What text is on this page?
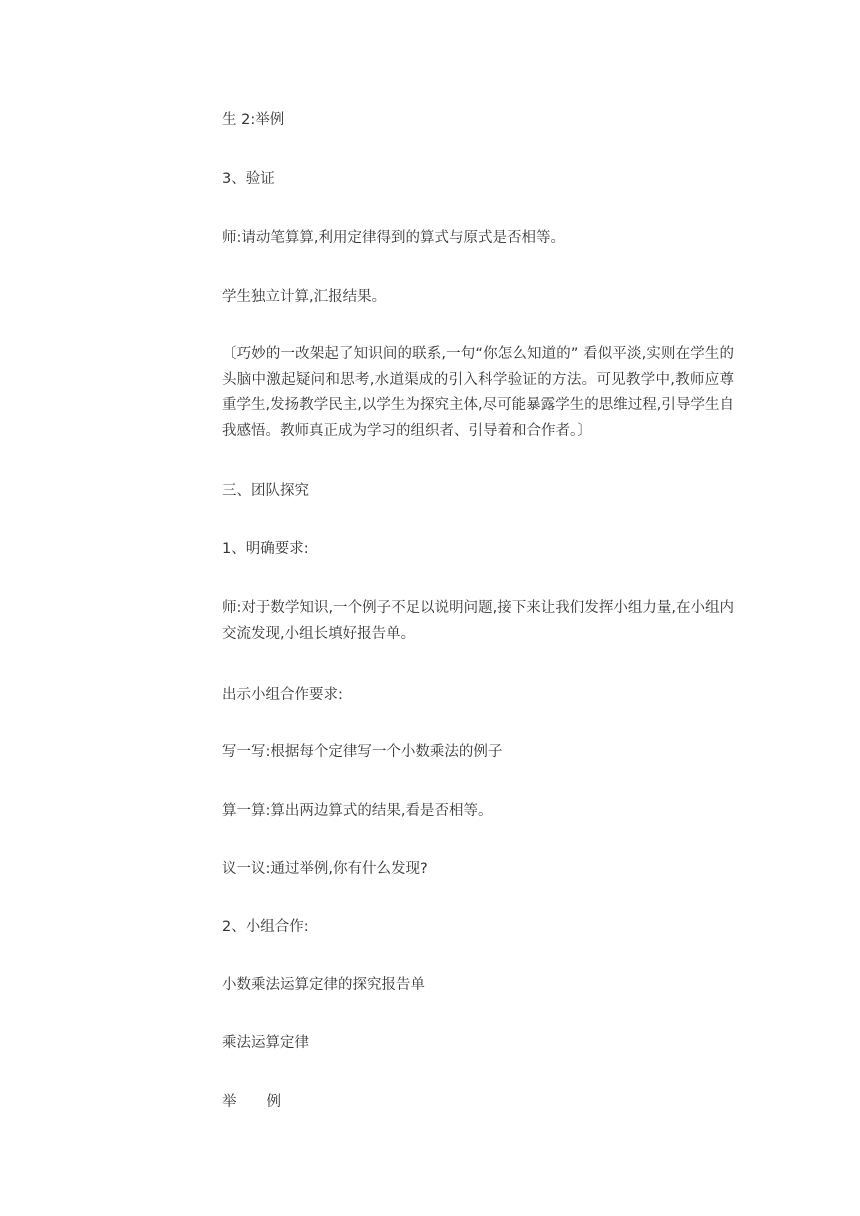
生 2:举例

3、验证

师:请动笔算算,利用定律得到的算式与原式是否相等。

学生独立计算,汇报结果。

〔巧妙的一改架起了知识间的联系,一句“你怎么知道的” 看似平淡,实则在学生的头脑中激起疑问和思考,水道渠成的引入科学验证的方法。可见教学中,教师应尊重学生,发扬教学民主,以学生为探究主体,尽可能暴露学生的思维过程,引导学生自我感悟。教师真正成为学习的组织者、引导着和合作者。〕

三、团队探究

1、明确要求:

师:对于数学知识,一个例子不足以说明问题,接下来让我们发挥小组力量,在小组内交流发现,小组长填好报告单。

出示小组合作要求:

写一写:根据每个定律写一个小数乘法的例子

算一算:算出两边算式的结果,看是否相等。

议一议:通过举例,你有什么发现?

2、小组合作:

小数乘法运算定律的探究报告单

乘法运算定律

举 例
